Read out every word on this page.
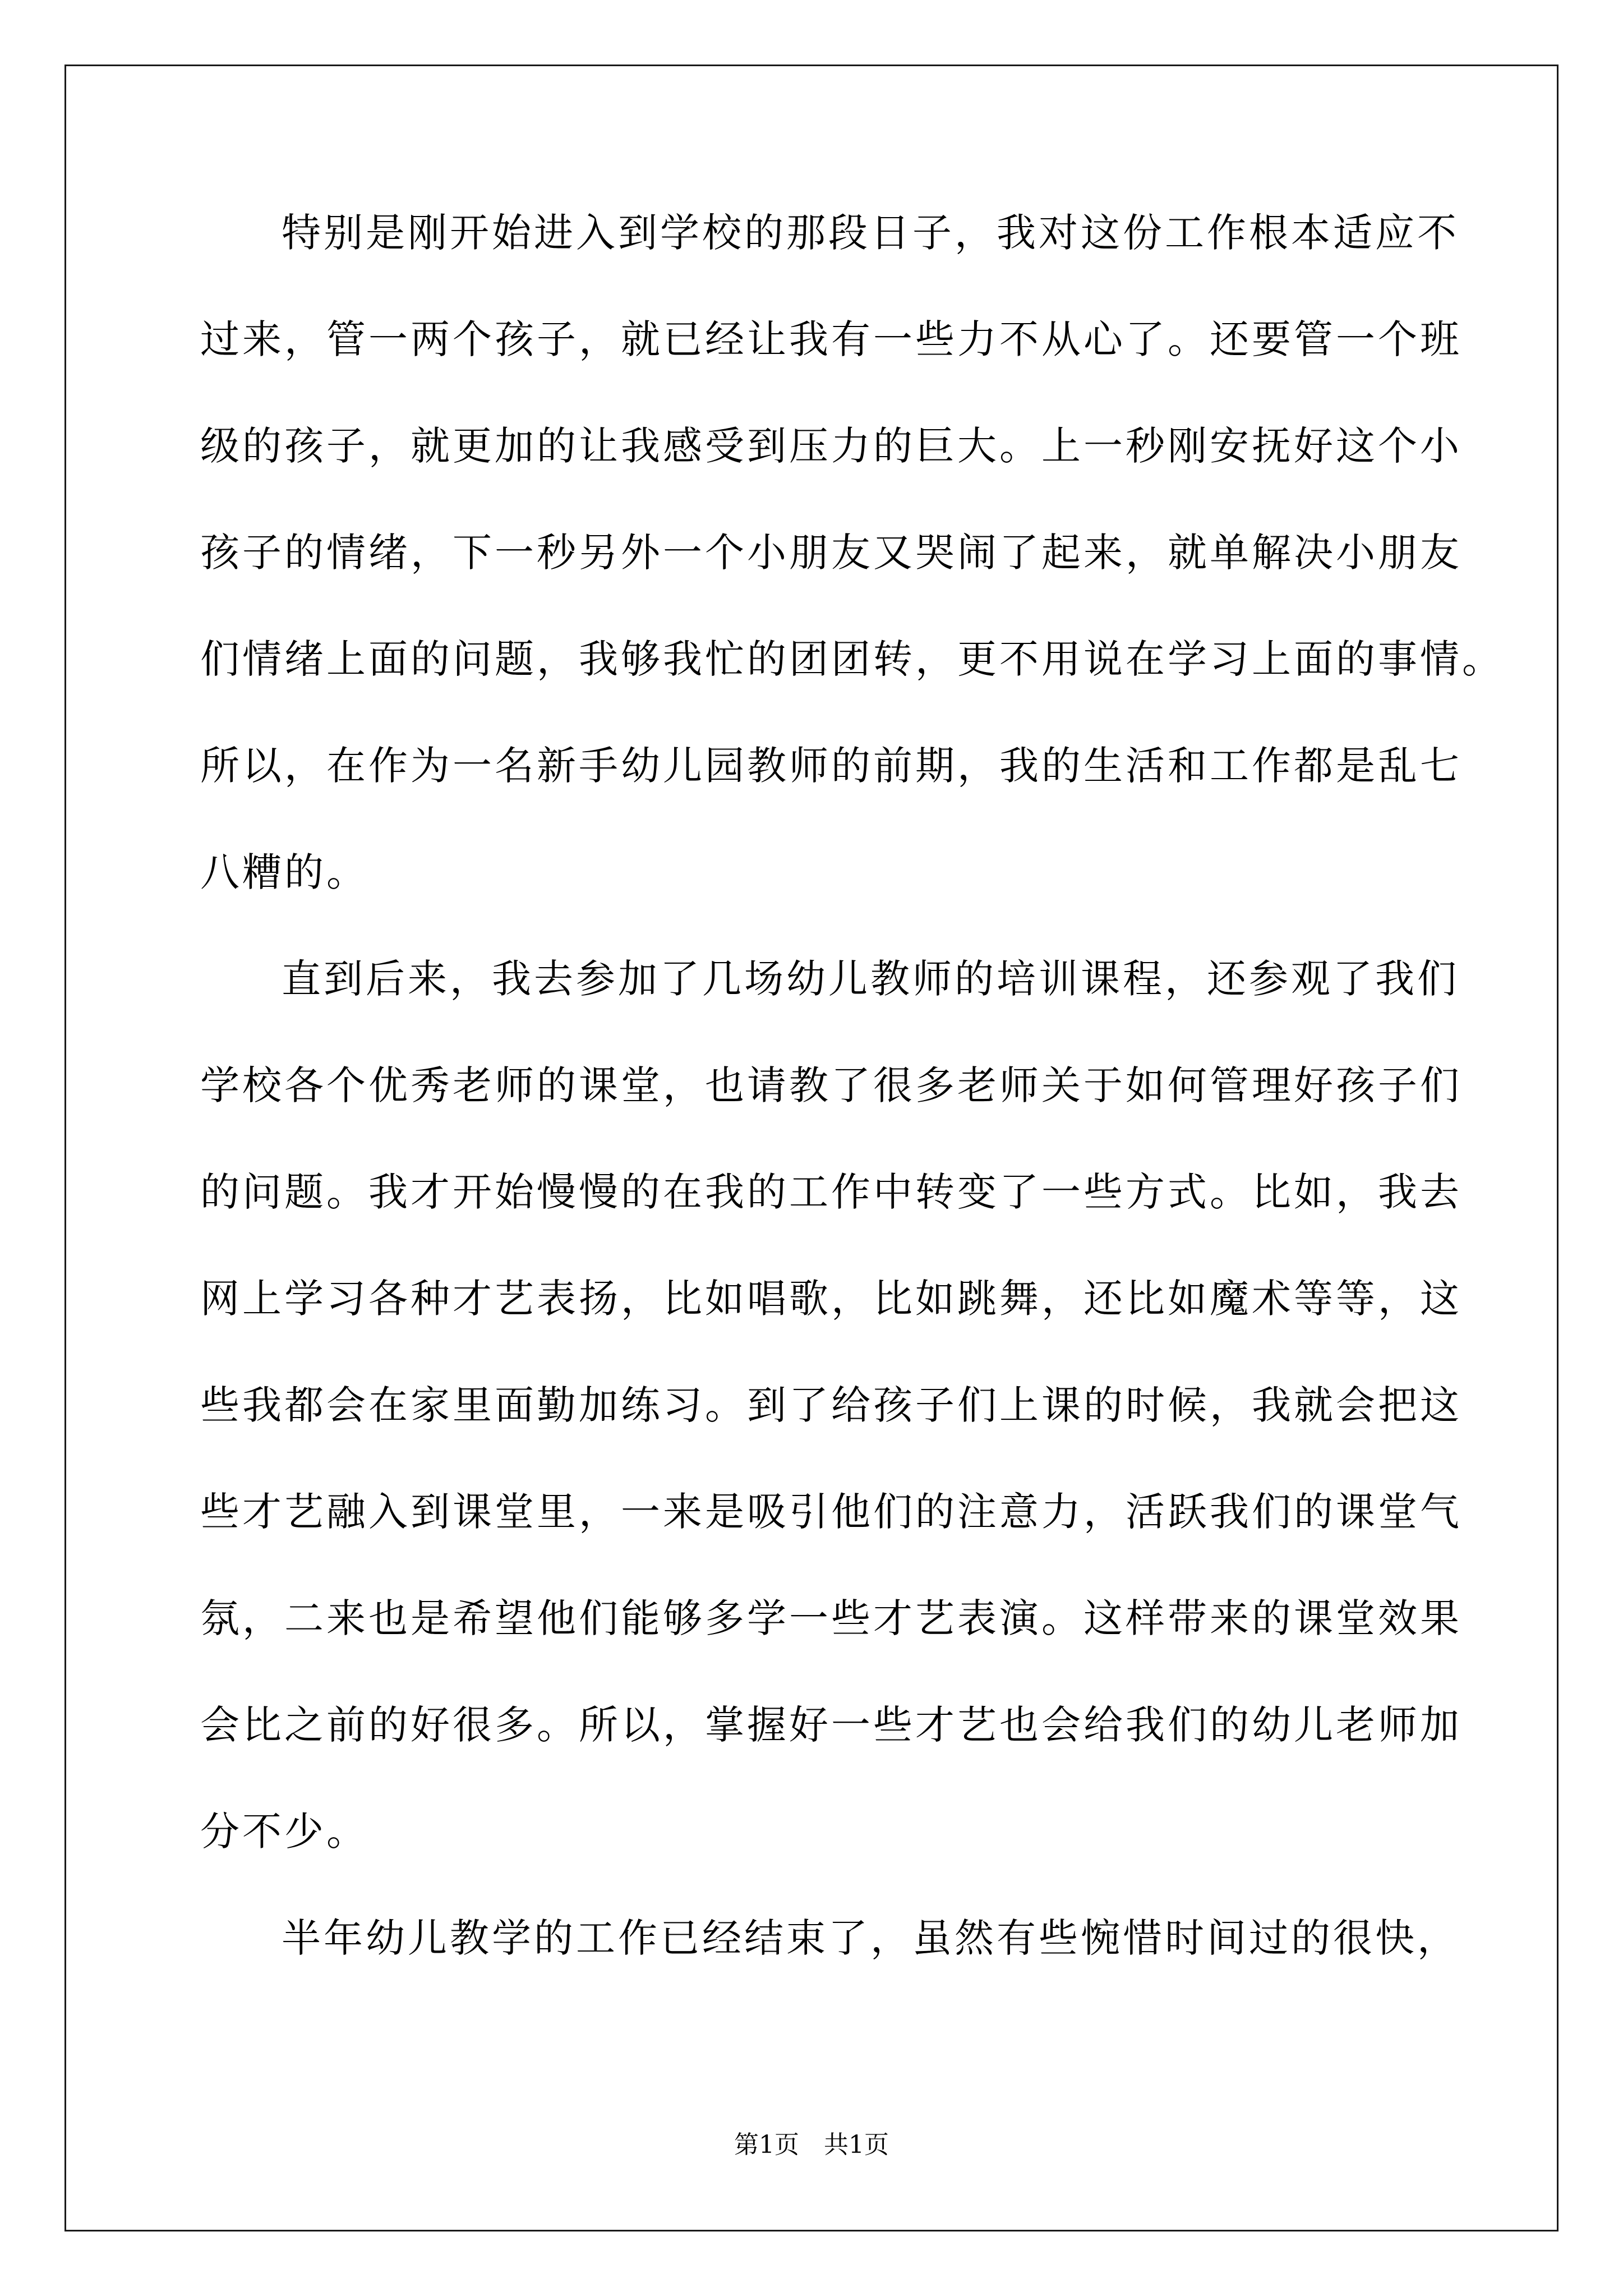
特别是刚开始进入到学校的那段日子，我对这份工作根本适应不
过来，管一两个孩子，就已经让我有一些力不从心了。还要管一个班
级的孩子，就更加的让我感受到压力的巨大。上一秒刚安抚好这个小
孩子的情绪，下一秒另外一个小朋友又哭闹了起来，就单解决小朋友
们情绪上面的问题，我够我忙的团团转，更不用说在学习上面的事情。
所以，在作为一名新手幼儿园教师的前期，我的生活和工作都是乱七
八糟的。
直到后来，我去参加了几场幼儿教师的培训课程，还参观了我们
学校各个优秀老师的课堂，也请教了很多老师关于如何管理好孩子们
的问题。我才开始慢慢的在我的工作中转变了一些方式。比如，我去
网上学习各种才艺表扬，比如唱歌，比如跳舞，还比如魔术等等，这
些我都会在家里面勤加练习。到了给孩子们上课的时候，我就会把这
些才艺融入到课堂里，一来是吸引他们的注意力，活跃我们的课堂气
氛，二来也是希望他们能够多学一些才艺表演。这样带来的课堂效果
会比之前的好很多。所以，掌握好一些才艺也会给我们的幼儿老师加
分不少。
半年幼儿教学的工作已经结束了，虽然有些惋惜时间过的很快，
第1页　共1页
